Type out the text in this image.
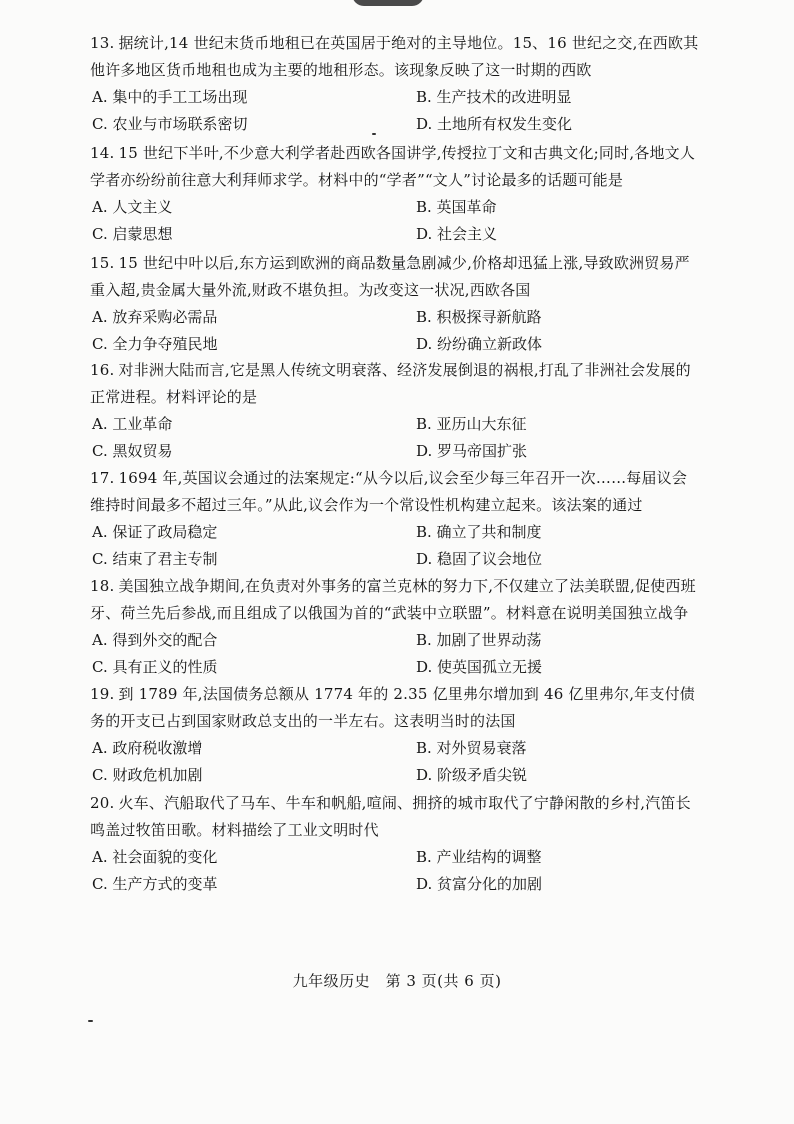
13. 据统计,14 世纪末货币地租已在英国居于绝对的主导地位。15、16 世纪之交,在西欧其他许多地区货币地租也成为主要的地租形态。该现象反映了这一时期的西欧
A. 集中的手工工场出现	B. 生产技术的改进明显
C. 农业与市场联系密切	D. 土地所有权发生变化
14. 15 世纪下半叶,不少意大利学者赴西欧各国讲学,传授拉丁文和古典文化;同时,各地文人学者亦纷纷前往意大利拜师求学。材料中的“学者”“文人”讨论最多的话题可能是
A. 人文主义	B. 英国革命
C. 启蒙思想	D. 社会主义
15. 15 世纪中叶以后,东方运到欧洲的商品数量急剧减少,价格却迅猛上涨,导致欧洲贸易严重入超,贵金属大量外流,财政不堪负担。为改变这一状况,西欧各国
A. 放弃采购必需品	B. 积极探寻新航路
C. 全力争夺殖民地	D. 纷纷确立新政体
16. 对非洲大陆而言,它是黑人传统文明衰落、经济发展倒退的祸根,打乱了非洲社会发展的正常进程。材料评论的是
A. 工业革命	B. 亚历山大东征
C. 黑奴贸易	D. 罗马帝国扩张
17. 1694 年,英国议会通过的法案规定:“从今以后,议会至少每三年召开一次……每届议会维持时间最多不超过三年。”从此,议会作为一个常设性机构建立起来。该法案的通过
A. 保证了政局稳定	B. 确立了共和制度
C. 结束了君主专制	D. 稳固了议会地位
18. 美国独立战争期间,在负责对外事务的富兰克林的努力下,不仅建立了法美联盟,促使西班牙、荷兰先后参战,而且组成了以俄国为首的“武装中立联盟”。材料意在说明美国独立战争
A. 得到外交的配合	B. 加剧了世界动荡
C. 具有正义的性质	D. 使英国孤立无援
19. 到 1789 年,法国债务总额从 1774 年的 2.35 亿里弗尔增加到 46 亿里弗尔,年支付债务的开支已占到国家财政总支出的一半左右。这表明当时的法国
A. 政府税收激增	B. 对外贸易衰落
C. 财政危机加剧	D. 阶级矛盾尖锐
20. 火车、汽船取代了马车、牛车和帆船,喧闹、拥挤的城市取代了宁静闲散的乡村,汽笛长鸣盖过牧笛田歌。材料描绘了工业文明时代
A. 社会面貌的变化	B. 产业结构的调整
C. 生产方式的变革	D. 贫富分化的加剧
九年级历史　第 3 页(共 6 页)
